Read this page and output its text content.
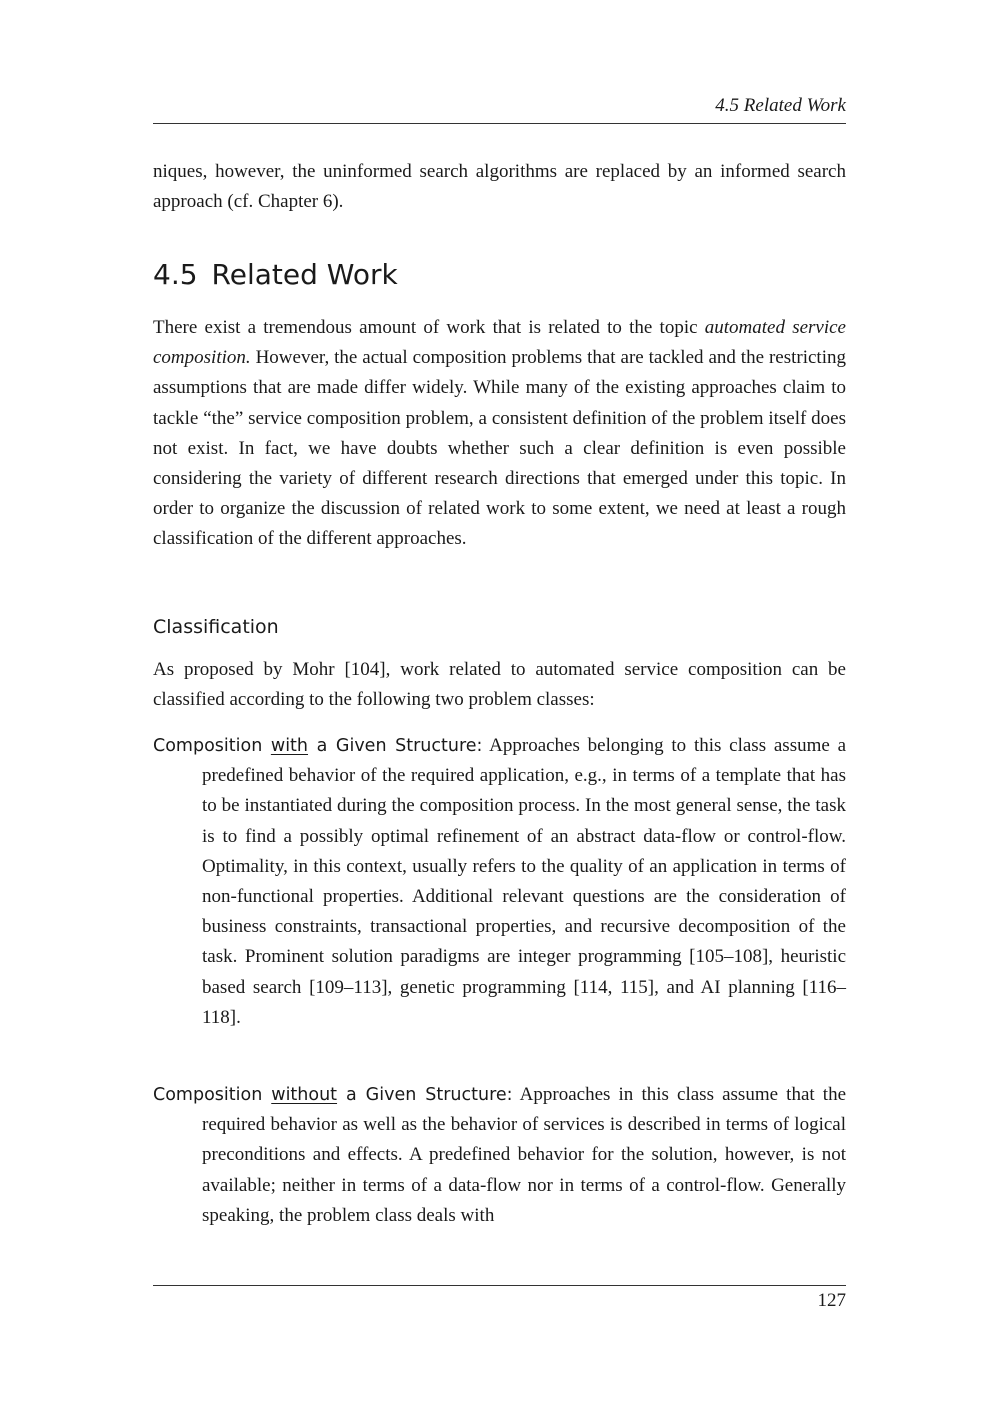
4.5 Related Work

niques, however, the uninformed search algorithms are replaced by an informed search approach (cf. Chapter 6).

4.5 Related Work

There exist a tremendous amount of work that is related to the topic automated service composition. However, the actual composition problems that are tackled and the restricting assumptions that are made differ widely. While many of the existing approaches claim to tackle “the” service composition problem, a consistent definition of the problem itself does not exist. In fact, we have doubts whether such a clear definition is even possible considering the variety of different research directions that emerged under this topic. In order to organize the discussion of related work to some extent, we need at least a rough classification of the different approaches.

Classification

As proposed by Mohr [104], work related to automated service composition can be classified according to the following two problem classes:

Composition with a Given Structure: Approaches belonging to this class assume a predefined behavior of the required application, e.g., in terms of a template that has to be instantiated during the composition process. In the most general sense, the task is to find a possibly optimal refinement of an abstract data-flow or control-flow. Optimality, in this context, usually refers to the quality of an application in terms of non-functional properties. Additional relevant questions are the consideration of business constraints, transactional properties, and recursive decomposition of the task. Prominent solution paradigms are integer programming [105–108], heuristic based search [109–113], genetic programming [114, 115], and AI planning [116–118].

Composition without a Given Structure: Approaches in this class assume that the required behavior as well as the behavior of services is described in terms of logical preconditions and effects. A predefined behavior for the solution, however, is not available; neither in terms of a data-flow nor in terms of a control-flow. Generally speaking, the problem class deals with

127
